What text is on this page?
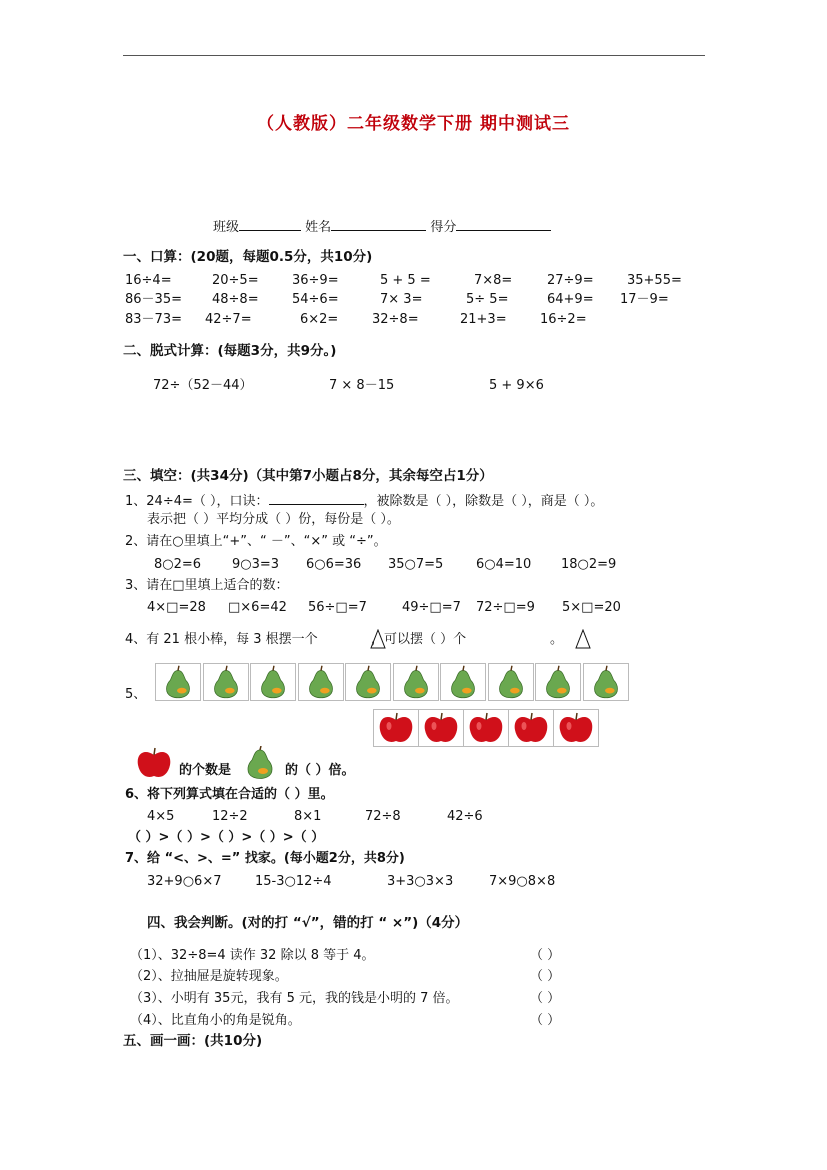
（人教版）二年级数学下册 期中测试三
班级	姓名	得分
一、口算：(20题，每题0.5分，共10分)
16÷4=	20÷5=	36÷9=	5 + 5 =	7×8=	27÷9=	35+55=
86－35= 48÷8=	54÷6=	7× 3=	5÷ 5=	64+9= 17－9=
83－73= 42÷7=	6×2=	32÷8=	21+3=	16÷2=
二、脱式计算：(每题3分，共9分。)
72÷（52－44）	7 × 8－15	5 + 9×6
三、填空：(共34分)（其中第7小题占8分，其余每空占1分）
1、24÷4=（ ），口诀：	，被除数是（ ），除数是（ ），商是（ ）。
表示把（ ）平均分成（ ）份，每份是（ ）。
2、请在○里填上“+”、“ －”、“×” 或 “÷”。
8○2=6 9○3=3 6○6=36 35○7=5	6○4=10 18○2=9
3、请在□里填上适合的数：
4×□=28 □×6=42 56÷□=7	49÷□=7 72÷□=9 5×□=20
4、有 21 根小棒，每 3 根摆一个	，可以摆（ ）个	。
5、
的个数是	的（ ）倍。
6、将下列算式填在合适的（ ）里。
4×5	12÷2	8×1	72÷8	42÷6
（ ）>（ ）>（ ）>（ ）>（ ）
7、给 “<、>、=” 找家。(每小题2分，共8分)
32+9○6×7	15-3○12÷4	3+3○3×3	7×9○8×8
四、我会判断。(对的打 “√”，错的打 “ ×”)（4分）
（1）、32÷8=4 读作 32 除以 8 等于 4。	（ ）
（2）、拉抽屉是旋转现象。	（ ）
（3）、小明有 35元，我有 5 元，我的钱是小明的 7 倍。	（ ）
（4）、比直角小的角是锐角。	（ ）
五、画一画：(共10分)
